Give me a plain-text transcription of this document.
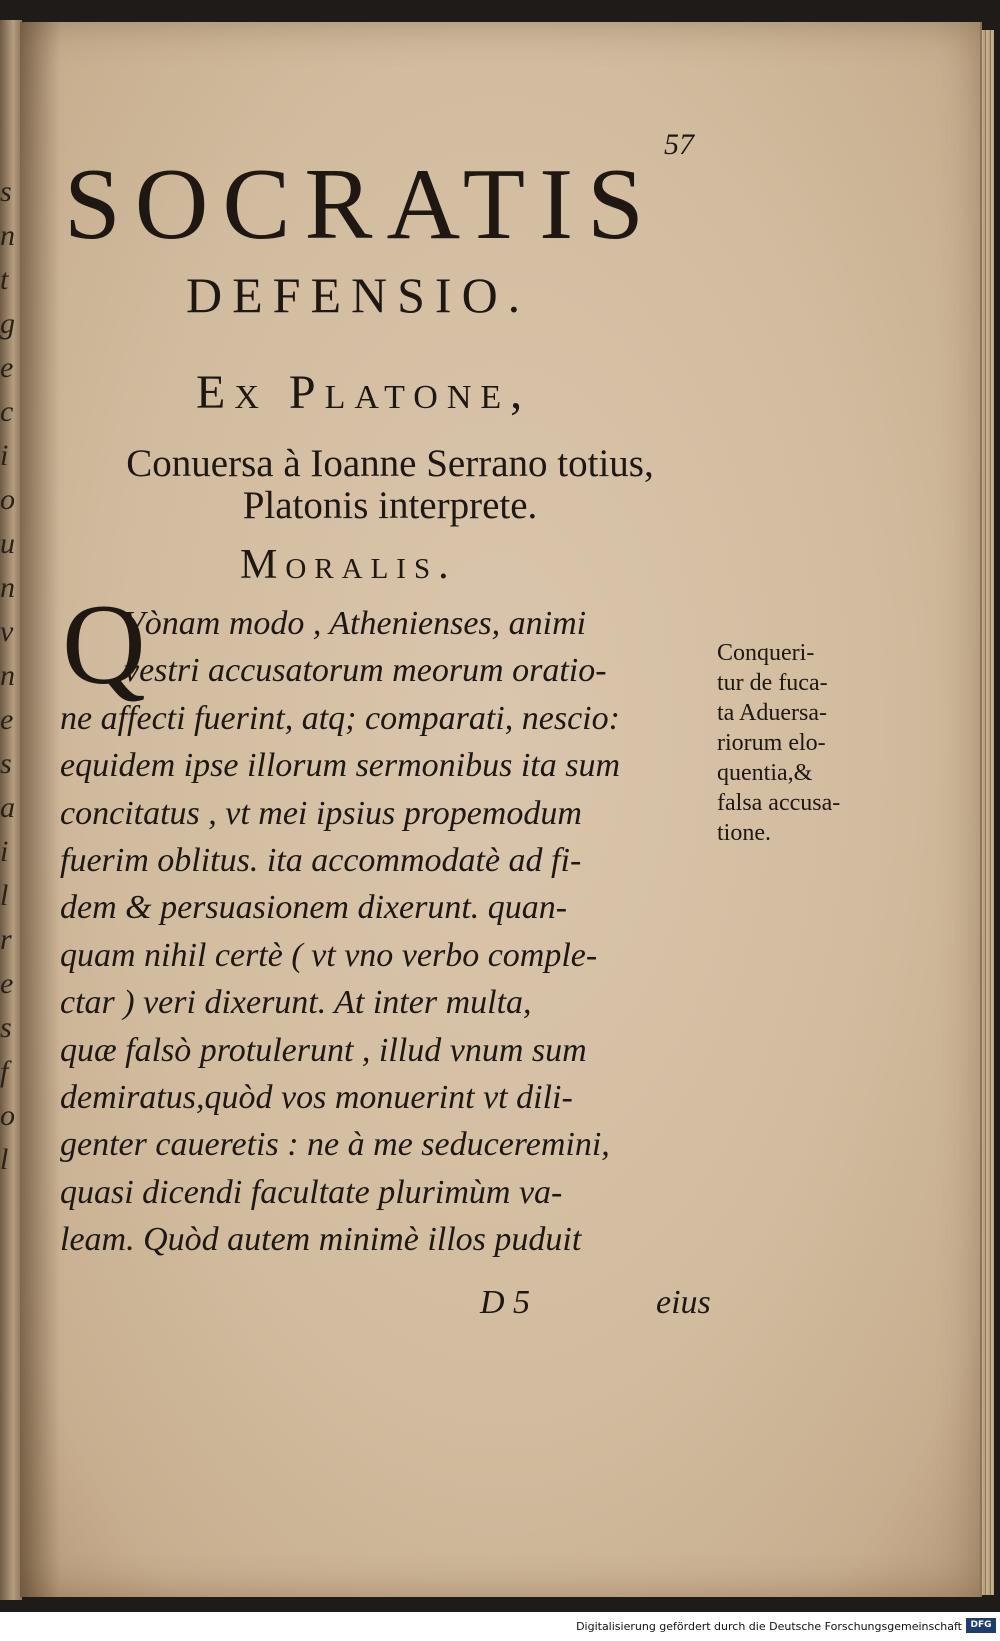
s
n
t
g
e
c
i
o
u
n
v
n
e
s
a
i
l
r
e
s
f
o
l
57
SOCRATIS
DEFENSIO.
Ex Platone,
Conuersa à Ioanne Serrano totius,
Platonis interprete.
Moralis.
Q
Vònam modo , Athenienses, animi
vestri accusatorum meorum oratio-
ne affecti fuerint, atq; comparati, nescio:
equidem ipse illorum sermonibus ita sum
concitatus , vt mei ipsius propemodum
fuerim oblitus. ita accommodatè ad fi-
dem & persuasionem dixerunt. quan-
quam nihil certè ( vt vno verbo comple-
ctar ) veri dixerunt. At inter multa,
quæ falsò protulerunt , illud vnum sum
demiratus,quòd vos monuerint vt dili-
genter caueretis : ne à me seduceremini,
quasi dicendi facultate plurimùm va-
leam. Quòd autem minimè illos puduit
Conqueri-
tur de fuca-
ta Aduersa-
riorum elo-
quentia,&
falsa accusa-
tione.
D 5	eius
Digitalisierung gefördert durch die Deutsche Forschungsgemeinschaft DFG
